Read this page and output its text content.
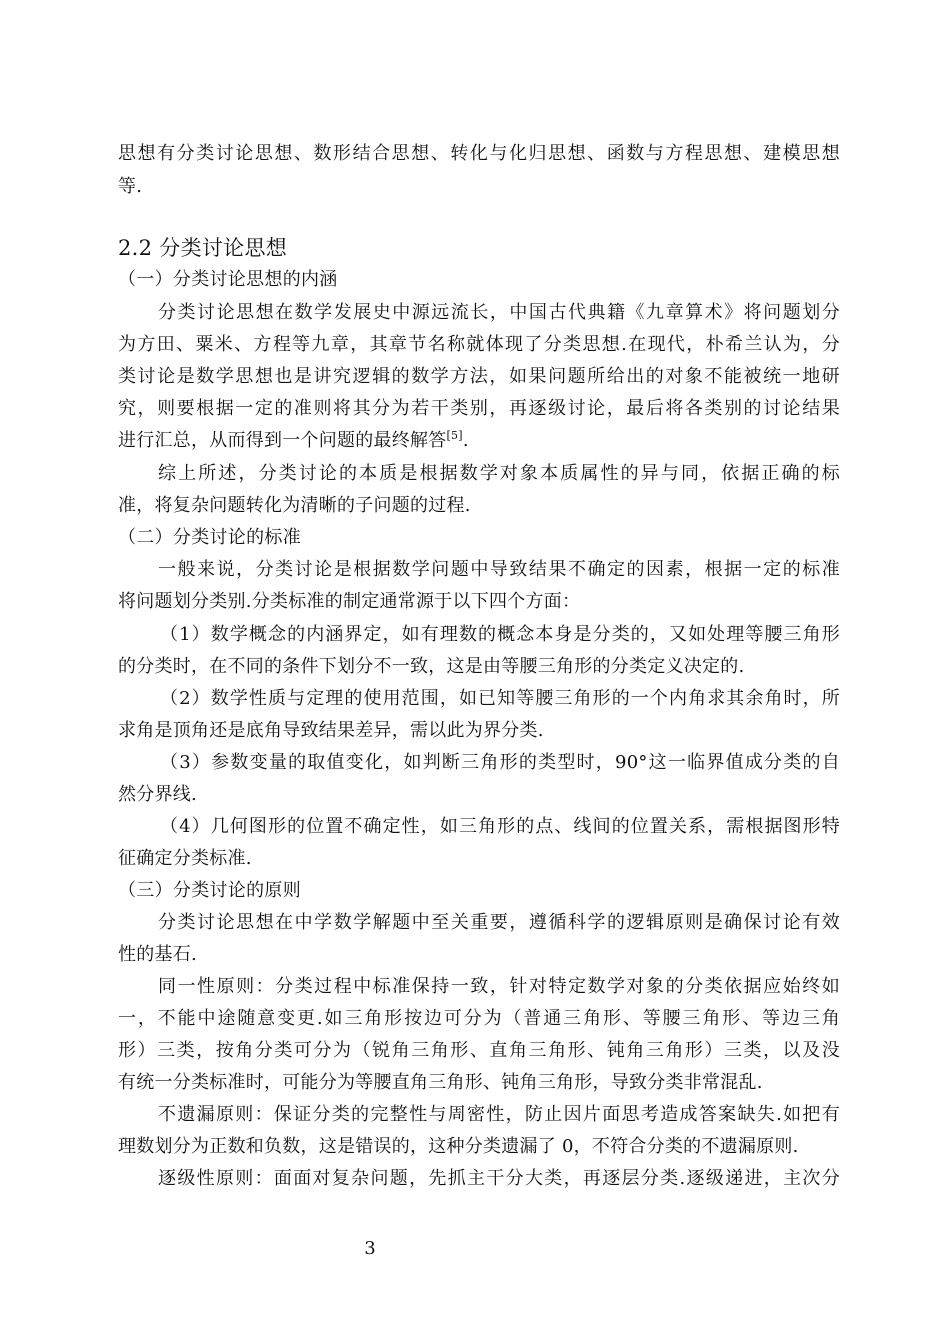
思想有分类讨论思想、数形结合思想、转化与化归思想、函数与方程思想、建模思想
等.
2.2 分类讨论思想
（一）分类讨论思想的内涵
分类讨论思想在数学发展史中源远流长，中国古代典籍《九章算术》将问题划分
为方田、粟米、方程等九章，其章节名称就体现了分类思想.在现代，朴希兰认为，分
类讨论是数学思想也是讲究逻辑的数学方法，如果问题所给出的对象不能被统一地研
究，则要根据一定的准则将其分为若干类别，再逐级讨论，最后将各类别的讨论结果
进行汇总，从而得到一个问题的最终解答[5].
综上所述，分类讨论的本质是根据数学对象本质属性的异与同，依据正确的标
准，将复杂问题转化为清晰的子问题的过程.
（二）分类讨论的标准
一般来说，分类讨论是根据数学问题中导致结果不确定的因素，根据一定的标准
将问题划分类别.分类标准的制定通常源于以下四个方面：
（1）数学概念的内涵界定，如有理数的概念本身是分类的，又如处理等腰三角形
的分类时，在不同的条件下划分不一致，这是由等腰三角形的分类定义决定的.
（2）数学性质与定理的使用范围，如已知等腰三角形的一个内角求其余角时，所
求角是顶角还是底角导致结果差异，需以此为界分类.
（3）参数变量的取值变化，如判断三角形的类型时，90°这一临界值成分类的自
然分界线.
（4）几何图形的位置不确定性，如三角形的点、线间的位置关系，需根据图形特
征确定分类标准.
（三）分类讨论的原则
分类讨论思想在中学数学解题中至关重要，遵循科学的逻辑原则是确保讨论有效
性的基石.
同一性原则：分类过程中标准保持一致，针对特定数学对象的分类依据应始终如
一，不能中途随意变更.如三角形按边可分为（普通三角形、等腰三角形、等边三角
形）三类，按角分类可分为（锐角三角形、直角三角形、钝角三角形）三类，以及没
有统一分类标准时，可能分为等腰直角三角形、钝角三角形，导致分类非常混乱.
不遗漏原则：保证分类的完整性与周密性，防止因片面思考造成答案缺失.如把有
理数划分为正数和负数，这是错误的，这种分类遗漏了 0，不符合分类的不遗漏原则.
逐级性原则：面面对复杂问题，先抓主干分大类，再逐层分类.逐级递进，主次分
3
